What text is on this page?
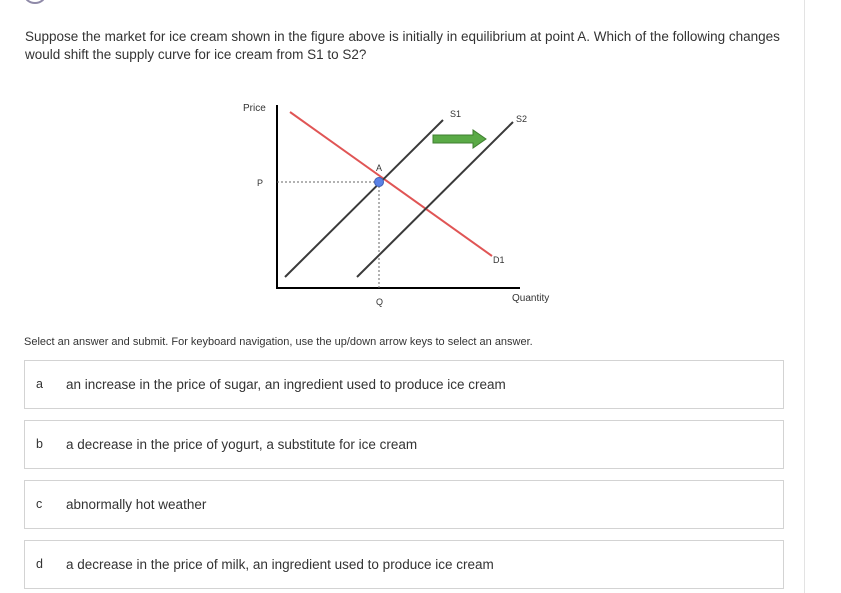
Suppose the market for ice cream shown in the figure above is initially in equilibrium at point A. Which of the following changes would shift the supply curve for ice cream from S1 to S2?

Price
P
A
S1	S2
D1
Q	Quantity
Select an answer and submit. For keyboard navigation, use the up/down arrow keys to select an answer.
a an increase in the price of sugar, an ingredient used to produce ice cream
b a decrease in the price of yogurt, a substitute for ice cream
c abnormally hot weather
d a decrease in the price of milk, an ingredient used to produce ice cream
